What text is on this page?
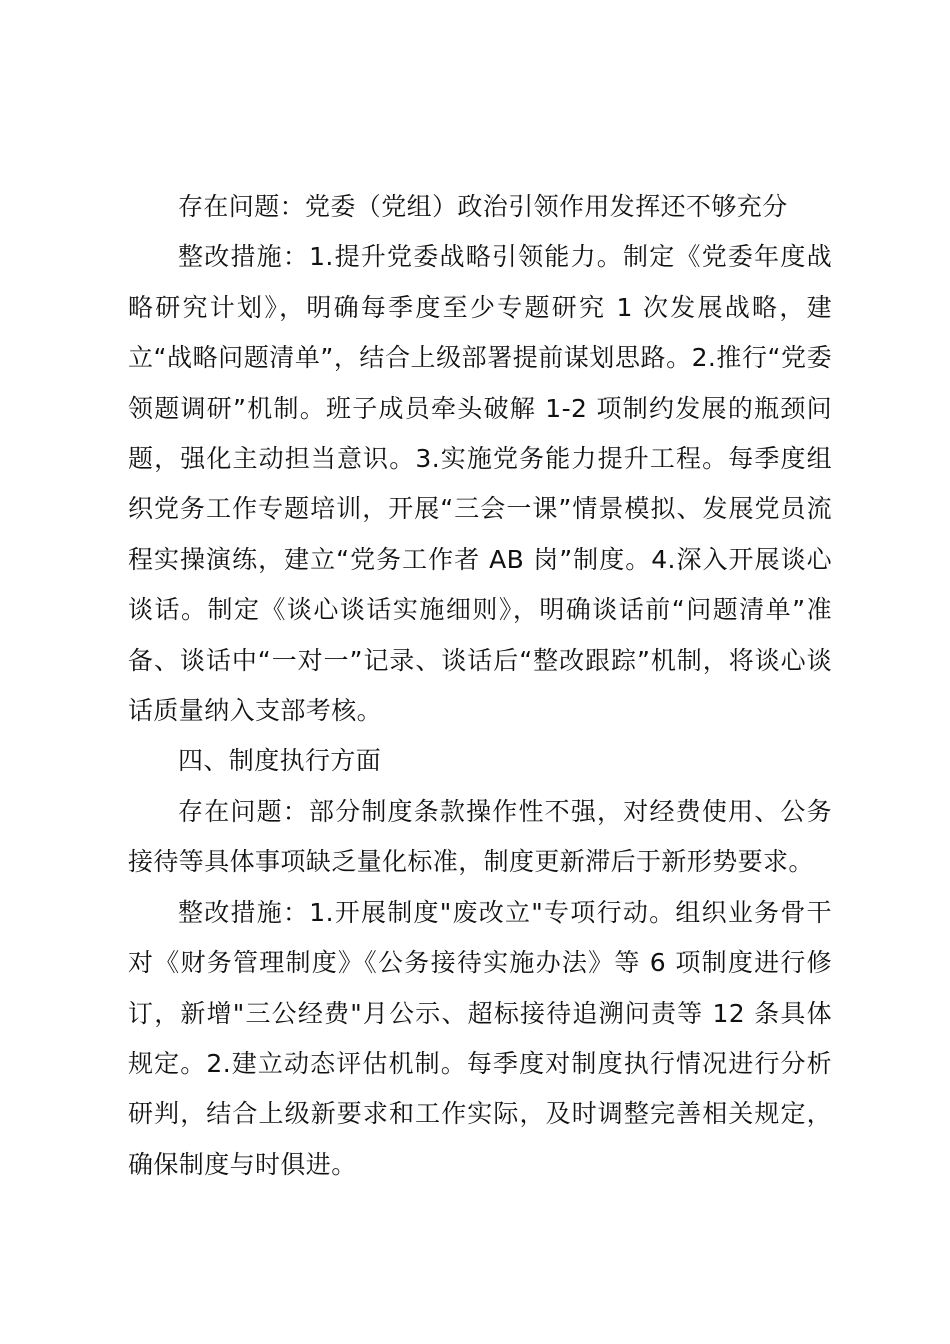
存在问题：党委（党组）政治引领作用发挥还不够充分

整改措施：1.提升党委战略引领能力。制定《党委年度战略研究计划》，明确每季度至少专题研究 1 次发展战略，建立“战略问题清单”，结合上级部署提前谋划思路。2.推行“党委领题调研”机制。班子成员牵头破解 1-2 项制约发展的瓶颈问题，强化主动担当意识。3.实施党务能力提升工程。每季度组织党务工作专题培训，开展“三会一课”情景模拟、发展党员流程实操演练，建立“党务工作者 AB 岗”制度。4.深入开展谈心谈话。制定《谈心谈话实施细则》，明确谈话前“问题清单”准备、谈话中“一对一”记录、谈话后“整改跟踪”机制，将谈心谈话质量纳入支部考核。

四、制度执行方面

存在问题：部分制度条款操作性不强，对经费使用、公务接待等具体事项缺乏量化标准，制度更新滞后于新形势要求。

整改措施：1.开展制度"废改立"专项行动。组织业务骨干对《财务管理制度》《公务接待实施办法》等 6 项制度进行修订，新增"三公经费"月公示、超标接待追溯问责等 12 条具体规定。2.建立动态评估机制。每季度对制度执行情况进行分析研判，结合上级新要求和工作实际，及时调整完善相关规定，确保制度与时俱进。
